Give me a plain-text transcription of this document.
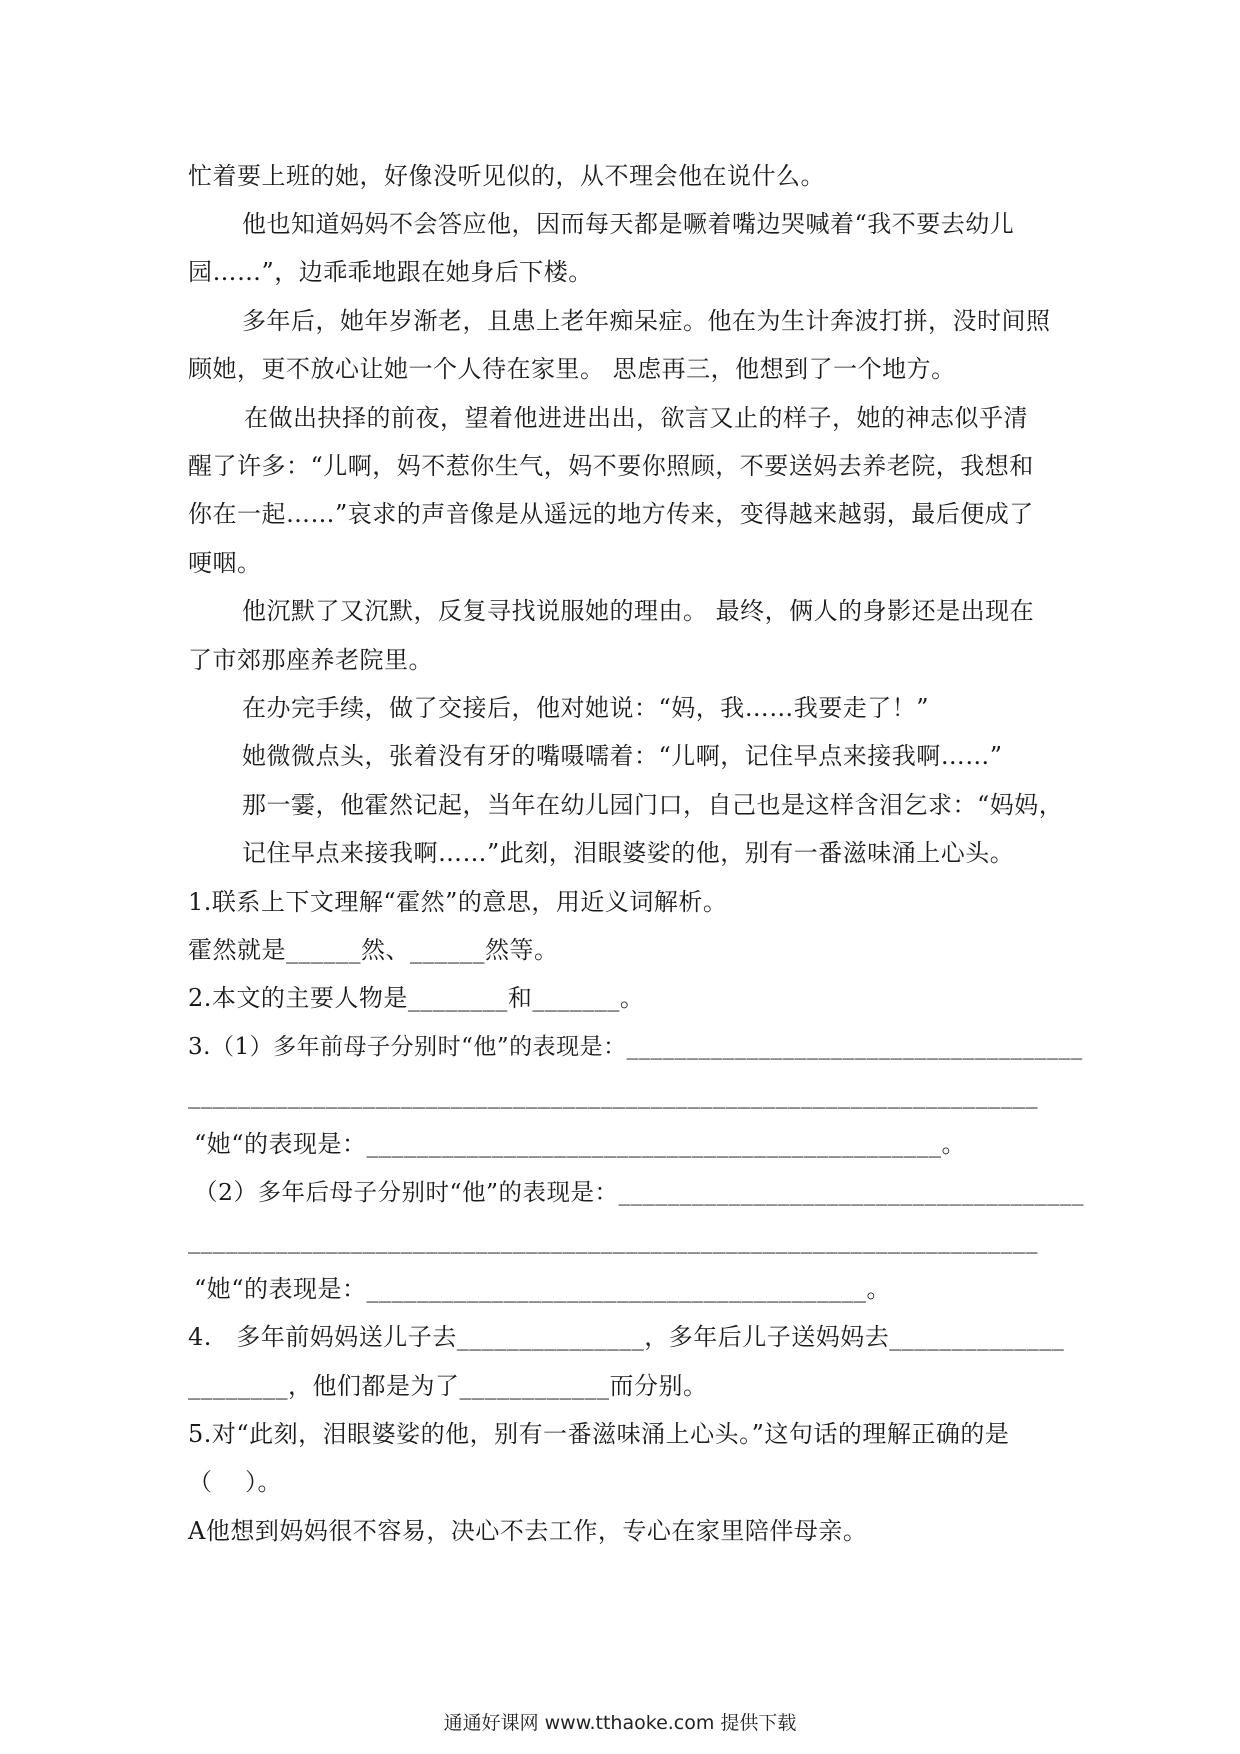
忙着要上班的她，好像没听见似的，从不理会他在说什么。
他也知道妈妈不会答应他，因而每天都是噘着嘴边哭喊着“我不要去幼儿
园……”，边乖乖地跟在她身后下楼。
多年后，她年岁渐老，且患上老年痴呆症。他在为生计奔波打拼，没时间照
顾她，更不放心让她一个人待在家里。 思虑再三，他想到了一个地方。
在做出抉择的前夜，望着他进进出出，欲言又止的样子，她的神志似乎清
醒了许多：“儿啊，妈不惹你生气，妈不要你照顾，不要送妈去养老院，我想和
你在一起……”哀求的声音像是从遥远的地方传来，变得越来越弱，最后便成了
哽咽。
他沉默了又沉默，反复寻找说服她的理由。 最终，俩人的身影还是出现在
了市郊那座养老院里。
在办完手续，做了交接后，他对她说：“妈，我……我要走了！”
她微微点头，张着没有牙的嘴嗫嚅着：“儿啊，记住早点来接我啊……”
那一霎，他霍然记起，当年在幼儿园门口，自己也是这样含泪乞求：“妈妈，
记住早点来接我啊……”此刻，泪眼婆娑的他，别有一番滋味涌上心头。
1.联系上下文理解“霍然”的意思，用近义词解析。
霍然就是______然、______然等。
2.本文的主要人物是________和_______。
3.（1）多年前母子分别时“他”的表现是：______________________________________
____________________________________________________________________
“她“的表现是：______________________________________________。
（2）多年后母子分别时“他”的表现是：______________________________________
____________________________________________________________________
“她“的表现是：________________________________________。
4.   多年前妈妈送儿子去_______________，多年后儿子送妈妈去______________
________，他们都是为了____________而分别。
5.对“此刻，泪眼婆娑的他，别有一番滋味涌上心头。”这句话的理解正确的是
（    ）。
A他想到妈妈很不容易，决心不去工作，专心在家里陪伴母亲。
通通好课网 www.tthaoke.com 提供下载
